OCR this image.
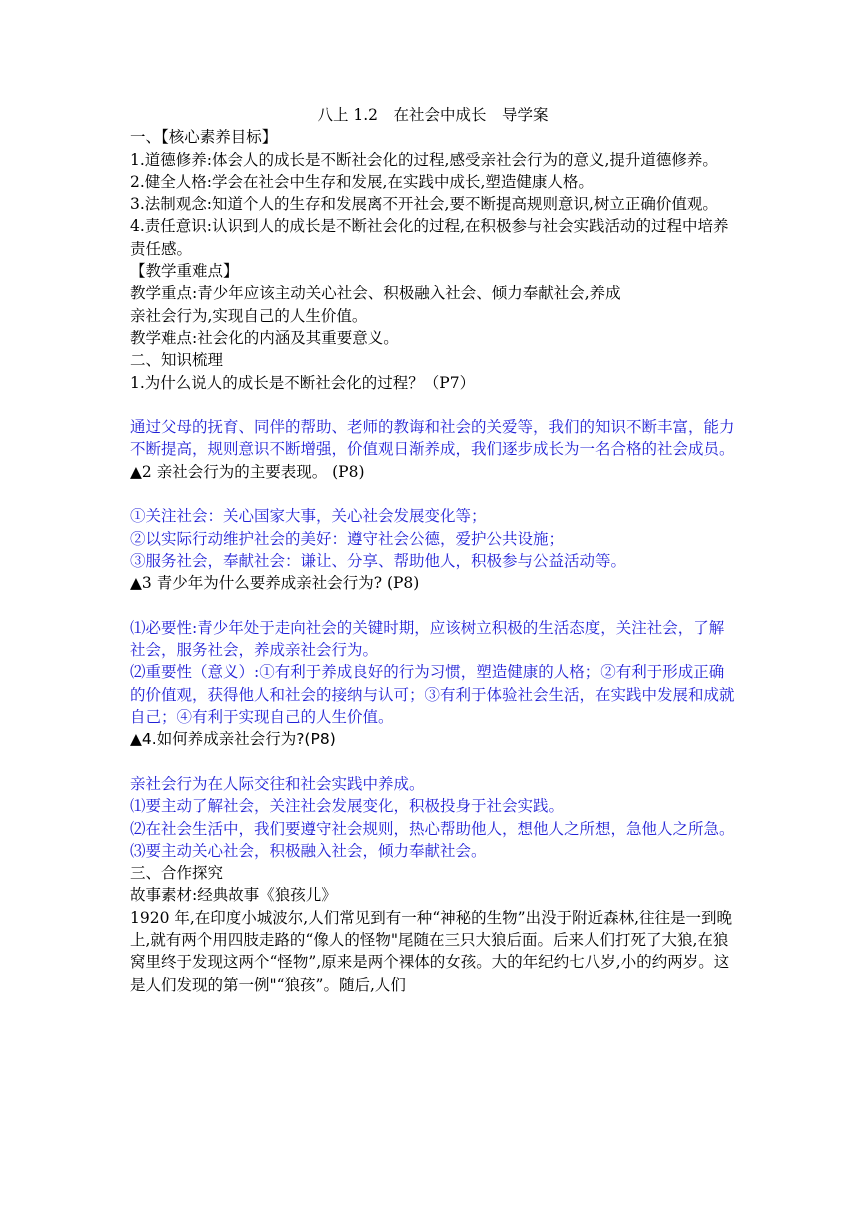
八上 1.2　在社会中成长　导学案

一、【核心素养目标】

1.道德修养:体会人的成长是不断社会化的过程,感受亲社会行为的意义,提升道德修养。

2.健全人格:学会在社会中生存和发展,在实践中成长,塑造健康人格。

3.法制观念:知道个人的生存和发展离不开社会,要不断提高规则意识,树立正确价值观。

4.责任意识:认识到人的成长是不断社会化的过程,在积极参与社会实践活动的过程中培养责任感。

【教学重难点】

教学重点:青少年应该主动关心社会、积极融入社会、倾力奉献社会,养成

亲社会行为,实现自己的人生价值。

教学难点:社会化的内涵及其重要意义。

二、知识梳理

1.为什么说人的成长是不断社会化的过程？（P7）

通过父母的抚育、同伴的帮助、老师的教诲和社会的关爱等，我们的知识不断丰富，能力不断提高，规则意识不断增强，价值观日渐养成，我们逐步成长为一名合格的社会成员。

▲2 亲社会行为的主要表现。 (P8)

①关注社会：关心国家大事，关心社会发展变化等；

②以实际行动维护社会的美好：遵守社会公德，爱护公共设施；

③服务社会，奉献社会：谦让、分享、帮助他人，积极参与公益活动等。

▲3 青少年为什么要养成亲社会行为? (P8)

⑴必要性:青少年处于走向社会的关键时期，应该树立积极的生活态度，关注社会，了解社会，服务社会，养成亲社会行为。

⑵重要性（意义）:①有利于养成良好的行为习惯，塑造健康的人格；②有利于形成正确的价值观，获得他人和社会的接纳与认可；③有利于体验社会生活，在实践中发展和成就自己；④有利于实现自己的人生价值。

▲4.如何养成亲社会行为?(P8)

亲社会行为在人际交往和社会实践中养成。

⑴要主动了解社会，关注社会发展变化，积极投身于社会实践。

⑵在社会生活中，我们要遵守社会规则，热心帮助他人，想他人之所想，急他人之所急。

⑶要主动关心社会，积极融入社会，倾力奉献社会。

三、合作探究

故事素材:经典故事《狼孩儿》

1920 年,在印度小城波尔,人们常见到有一种“神秘的生物”出没于附近森林,往往是一到晚上,就有两个用四肢走路的“像人的怪物"尾随在三只大狼后面。后来人们打死了大狼,在狼窝里终于发现这两个“怪物”,原来是两个裸体的女孩。大的年纪约七八岁,小的约两岁。这是人们发现的第一例"“狼孩”。随后,人们
